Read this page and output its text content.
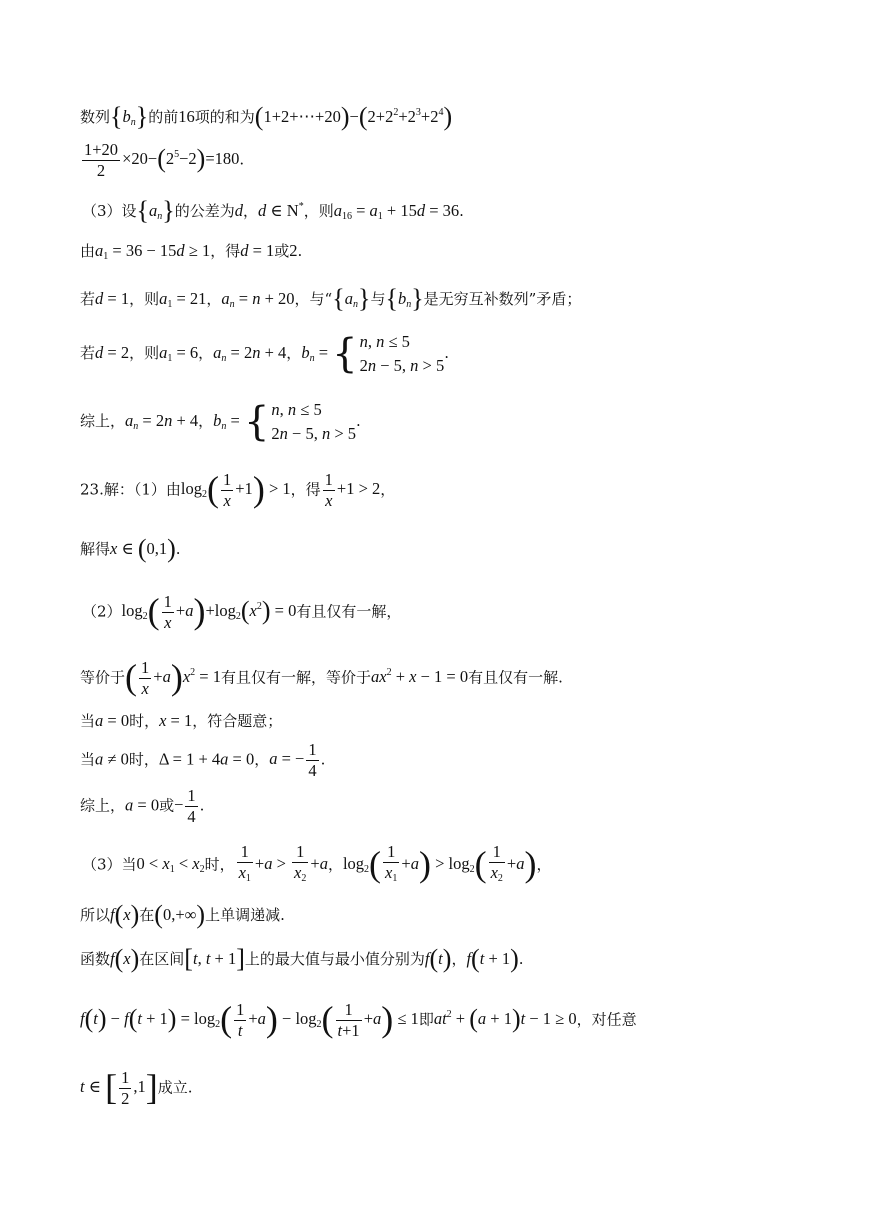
数列$\{b_n\}$的前16项的和为$(1+2+\cdots+20)-(2+2^2+2^3+2^4)$
$\frac{1+20}{2} \times 20-(2^5-2)=180$.
（3）设$\{a_n\}$的公差为d，d ∈ N*，则$a_{16} = a_1 + 15d = 36$.
由$a_1 = 36 - 15d \ge 1$，得d = 1或2.
若d = 1，则$a_1 = 21$，$a_n = n + 20$，与“$\{a_n\}$与$\{b_n\}$是无穷互补数列”矛盾；
若d = 2，则$a_1 = 6$，$a_n = 2n + 4$，$b_n$ = { n, n ≤ 5
2n − 5, n > 5
.
综上，$a_n = 2n + 4$，$b_n$ = { n, n ≤ 5
2n − 5, n > 5
.
23.解：（1）由$\log_2( \frac{1}{x} +1) > 1$，得 $\frac{1}{x} +1 > 2$，
解得x ∈ (0,1).
$(2)\log_2( \frac{1}{x} +a)+\log_2(x^2) = 0$有且仅有一解，
等价于( $\frac{1}{x} +a)x^2 = 1$有且仅有一解，等价于$ax^2 + x - 1 = 0$有且仅有一解.
当a = 0时，x = 1，符合题意；
当a ≠ 0时，Δ = 1 + 4a = 0，a = − $\frac{1}{4}$ .
综上，a = 0或− $\frac{1}{4}$ .
（3）当$0 < x_1 < x_2$时， $\frac{1}{x_1} +a > \frac{1}{x_2} +a$，$\log_2( \frac{1}{x_1} +a) > \log_2( \frac{1}{x_2} +a)$，
所以f(x)在(0,+∞)上单调递减.
函数f(x)在区间[t, t + 1]上的最大值与最小值分别为f(t)，f(t + 1).
$f(t) - f(t + 1) = \log_2( \frac{1}{t} +a) - \log_2( \frac{1}{t+1} +a) \le 1$即$at^2 + (a + 1)t - 1 \ge 0$，对任意
t ∈ [ $\frac{1}{2} ,1$]成立.
